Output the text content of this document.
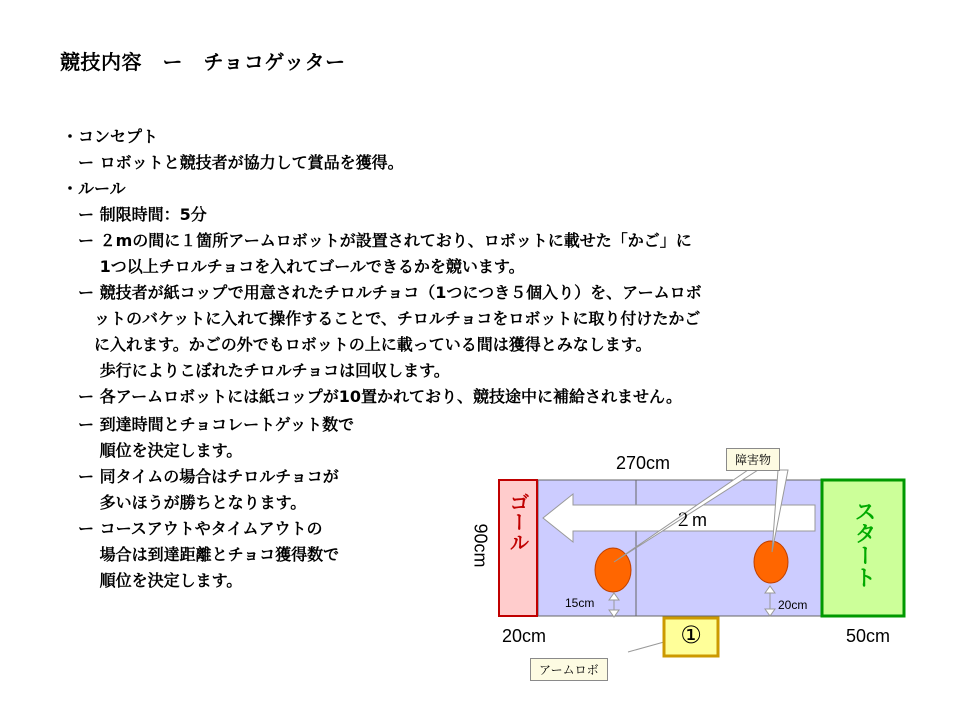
競技内容　ー　チョコゲッター
・コンセプト
　ー ロボットと競技者が協力して賞品を獲得。
・ルール
　ー 制限時間：5分
　ー ２mの間に１箇所アームロボットが設置されており、ロボットに載せた「かご」に
　　 1つ以上チロルチョコを入れてゴールできるかを競います。
　ー 競技者が紙コップで用意されたチロルチョコ（1つにつき５個入り）を、アームロボ
　　ットのバケットに入れて操作することで、チロルチョコをロボットに取り付けたかご
　　に入れます。かごの外でもロボットの上に載っている間は獲得とみなします。
　　 歩行によりこぼれたチロルチョコは回収します。
　ー 各アームロボットには紙コップが10置かれており、競技途中に補給されません。
　ー 到達時間とチョコレートゲット数で
　　 順位を決定します。
　ー 同タイムの場合はチロルチョコが
　　 多いほうが勝ちとなります。
　ー コースアウトやタイムアウトの
　　 場合は到達距離とチョコ獲得数で
　　 順位を決定します。
270cm
90cm
20cm	50cm
２m
ゴール	スタート
障害物
アームロボ
15cm	20cm
①
